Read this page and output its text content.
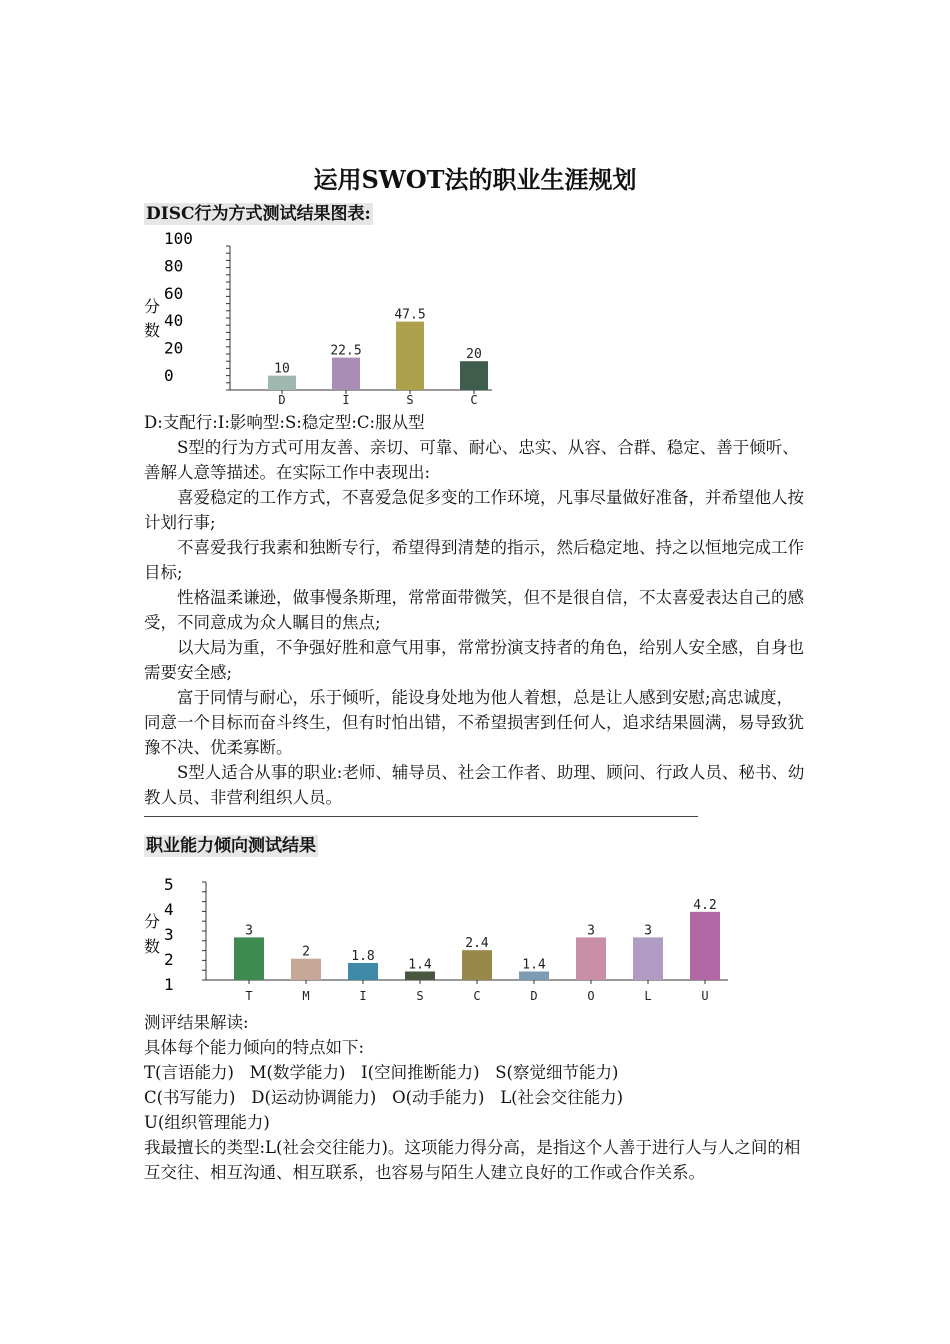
运用SWOT法的职业生涯规划
DISC行为方式测试结果图表:
分
数
100
80
60
40
20
0	10
D
22.5
I
47.5
S
20
C

D:支配行:I:影响型:S:稳定型:C:服从型

S型的行为方式可用友善、亲切、可靠、耐心、忠实、从容、合群、稳定、善于倾听、善解人意等描述。在实际工作中表现出:

喜爱稳定的工作方式，不喜爱急促多变的工作环境，凡事尽量做好准备，并希望他人按计划行事;

不喜爱我行我素和独断专行，希望得到清楚的指示，然后稳定地、持之以恒地完成工作目标;

性格温柔谦逊，做事慢条斯理，常常面带微笑，但不是很自信，不太喜爱表达自己的感受，不同意成为众人瞩目的焦点;

以大局为重，不争强好胜和意气用事，常常扮演支持者的角色，给别人安全感，自身也需要安全感;

富于同情与耐心，乐于倾听，能设身处地为他人着想，总是让人感到安慰;高忠诚度，同意一个目标而奋斗终生，但有时怕出错，不希望损害到任何人，追求结果圆满，易导致犹豫不决、优柔寡断。

S型人适合从事的职业:老师、辅导员、社会工作者、助理、顾问、行政人员、秘书、幼教人员、非营利组织人员。

职业能力倾向测试结果
分
数
5
4
3
2
1
3
T
2
M
1.8
I
1.4
S
2.4
C
1.4
D
3
O
3
L
4.2
U

测评结果解读:

具体每个能力倾向的特点如下:

T(言语能力)   M(数学能力)   I(空间推断能力)   S(察觉细节能力)

C(书写能力)   D(运动协调能力)   O(动手能力)   L(社会交往能力)

U(组织管理能力)

我最擅长的类型:L(社会交往能力)。这项能力得分高，是指这个人善于进行人与人之间的相互交往、相互沟通、相互联系，也容易与陌生人建立良好的工作或合作关系。
